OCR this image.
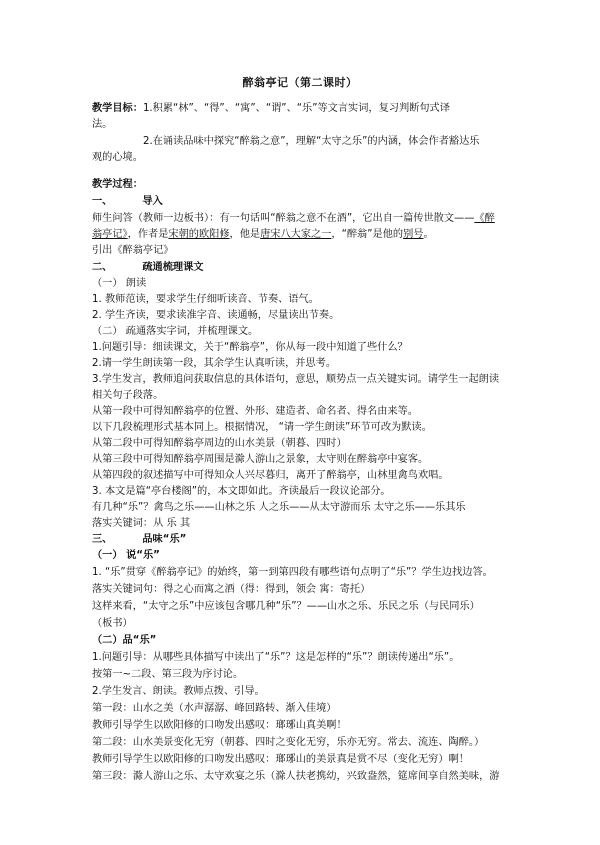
醉翁亭记（第二课时）
教学目标：1.积累“林”、“得”、“寓”、“谓”、“乐”等文言实词，复习判断句式译
法。
2.在诵读品味中探究“醉翁之意”，理解“太守之乐”的内涵，体会作者豁达乐
观的心境。
教学过程：
一、	导入
师生问答（教师一边板书）：有一句话叫“醉翁之意不在酒”，它出自一篇传世散文——《醉
翁亭记》，作者是宋朝的欧阳修，他是唐宋八大家之一，“醉翁”是他的别号。
引出《醉翁亭记》
二、	疏通梳理课文
（一） 朗读
1. 教师范读，要求学生仔细听读音、节奏、语气。
2. 学生齐读，要求读准字音、读通畅，尽量读出节奏。
（二） 疏通落实字词，并梳理课文。
1.问题引导：细读课文，关于“醉翁亭”，你从每一段中知道了些什么？
2.请一学生朗读第一段，其余学生认真听读，并思考。
3.学生发言，教师追问获取信息的具体语句，意思，顺势点一点关键实词。请学生一起朗读
相关句子段落。
从第一段中可得知醉翁亭的位置、外形、建造者、命名者、得名由来等。
以下几段梳理形式基本同上。根据情况， “请一学生朗读”环节可改为默读。
从第二段中可得知醉翁亭周边的山水美景（朝暮、四时）
从第三段中可得知醉翁亭周围是滁人游山之景象，太守则在醉翁亭中宴客。
从第四段的叙述描写中可得知众人兴尽暮归，离开了醉翁亭，山林里禽鸟欢唱。
3. 本文是篇“亭台楼阁”的，本文即如此。齐读最后一段议论部分。
有几种“乐”？禽鸟之乐——山林之乐 人之乐——从太守游而乐 太守之乐——乐其乐
落实关键词：从 乐 其
三、	品味“乐”
（一） 说“乐”
1. “乐”贯穿《醉翁亭记》的始终，第一到第四段有哪些语句点明了“乐”？学生边找边答。
落实关键词句：得之心而寓之酒（得：得到，领会 寓：寄托）
这样来看，“太守之乐”中应该包含哪几种“乐”？——山水之乐、乐民之乐（与民同乐）
（板书）
（二）品“乐”
1.问题引导：从哪些具体描写中读出了“乐”？这是怎样的“乐”？朗读传递出“乐”。
按第一~二段、第三段为序讨论。
2.学生发言、朗读。教师点拨、引导。
第一段：山水之美（水声潺潺、峰回路转、渐入佳境）
教师引导学生以欧阳修的口吻发出感叹：瑯琊山真美啊！
第二段：山水美景变化无穷（朝暮、四时之变化无穷，乐亦无穷。常去、流连、陶醉。）
教师引导学生以欧阳修的口吻发出感叹：瑯琊山的美景真是赏不尽（变化无穷）啊！
第三段：滁人游山之乐、太守欢宴之乐（滁人扶老携幼，兴致盎然，筵席间享自然美味，游
